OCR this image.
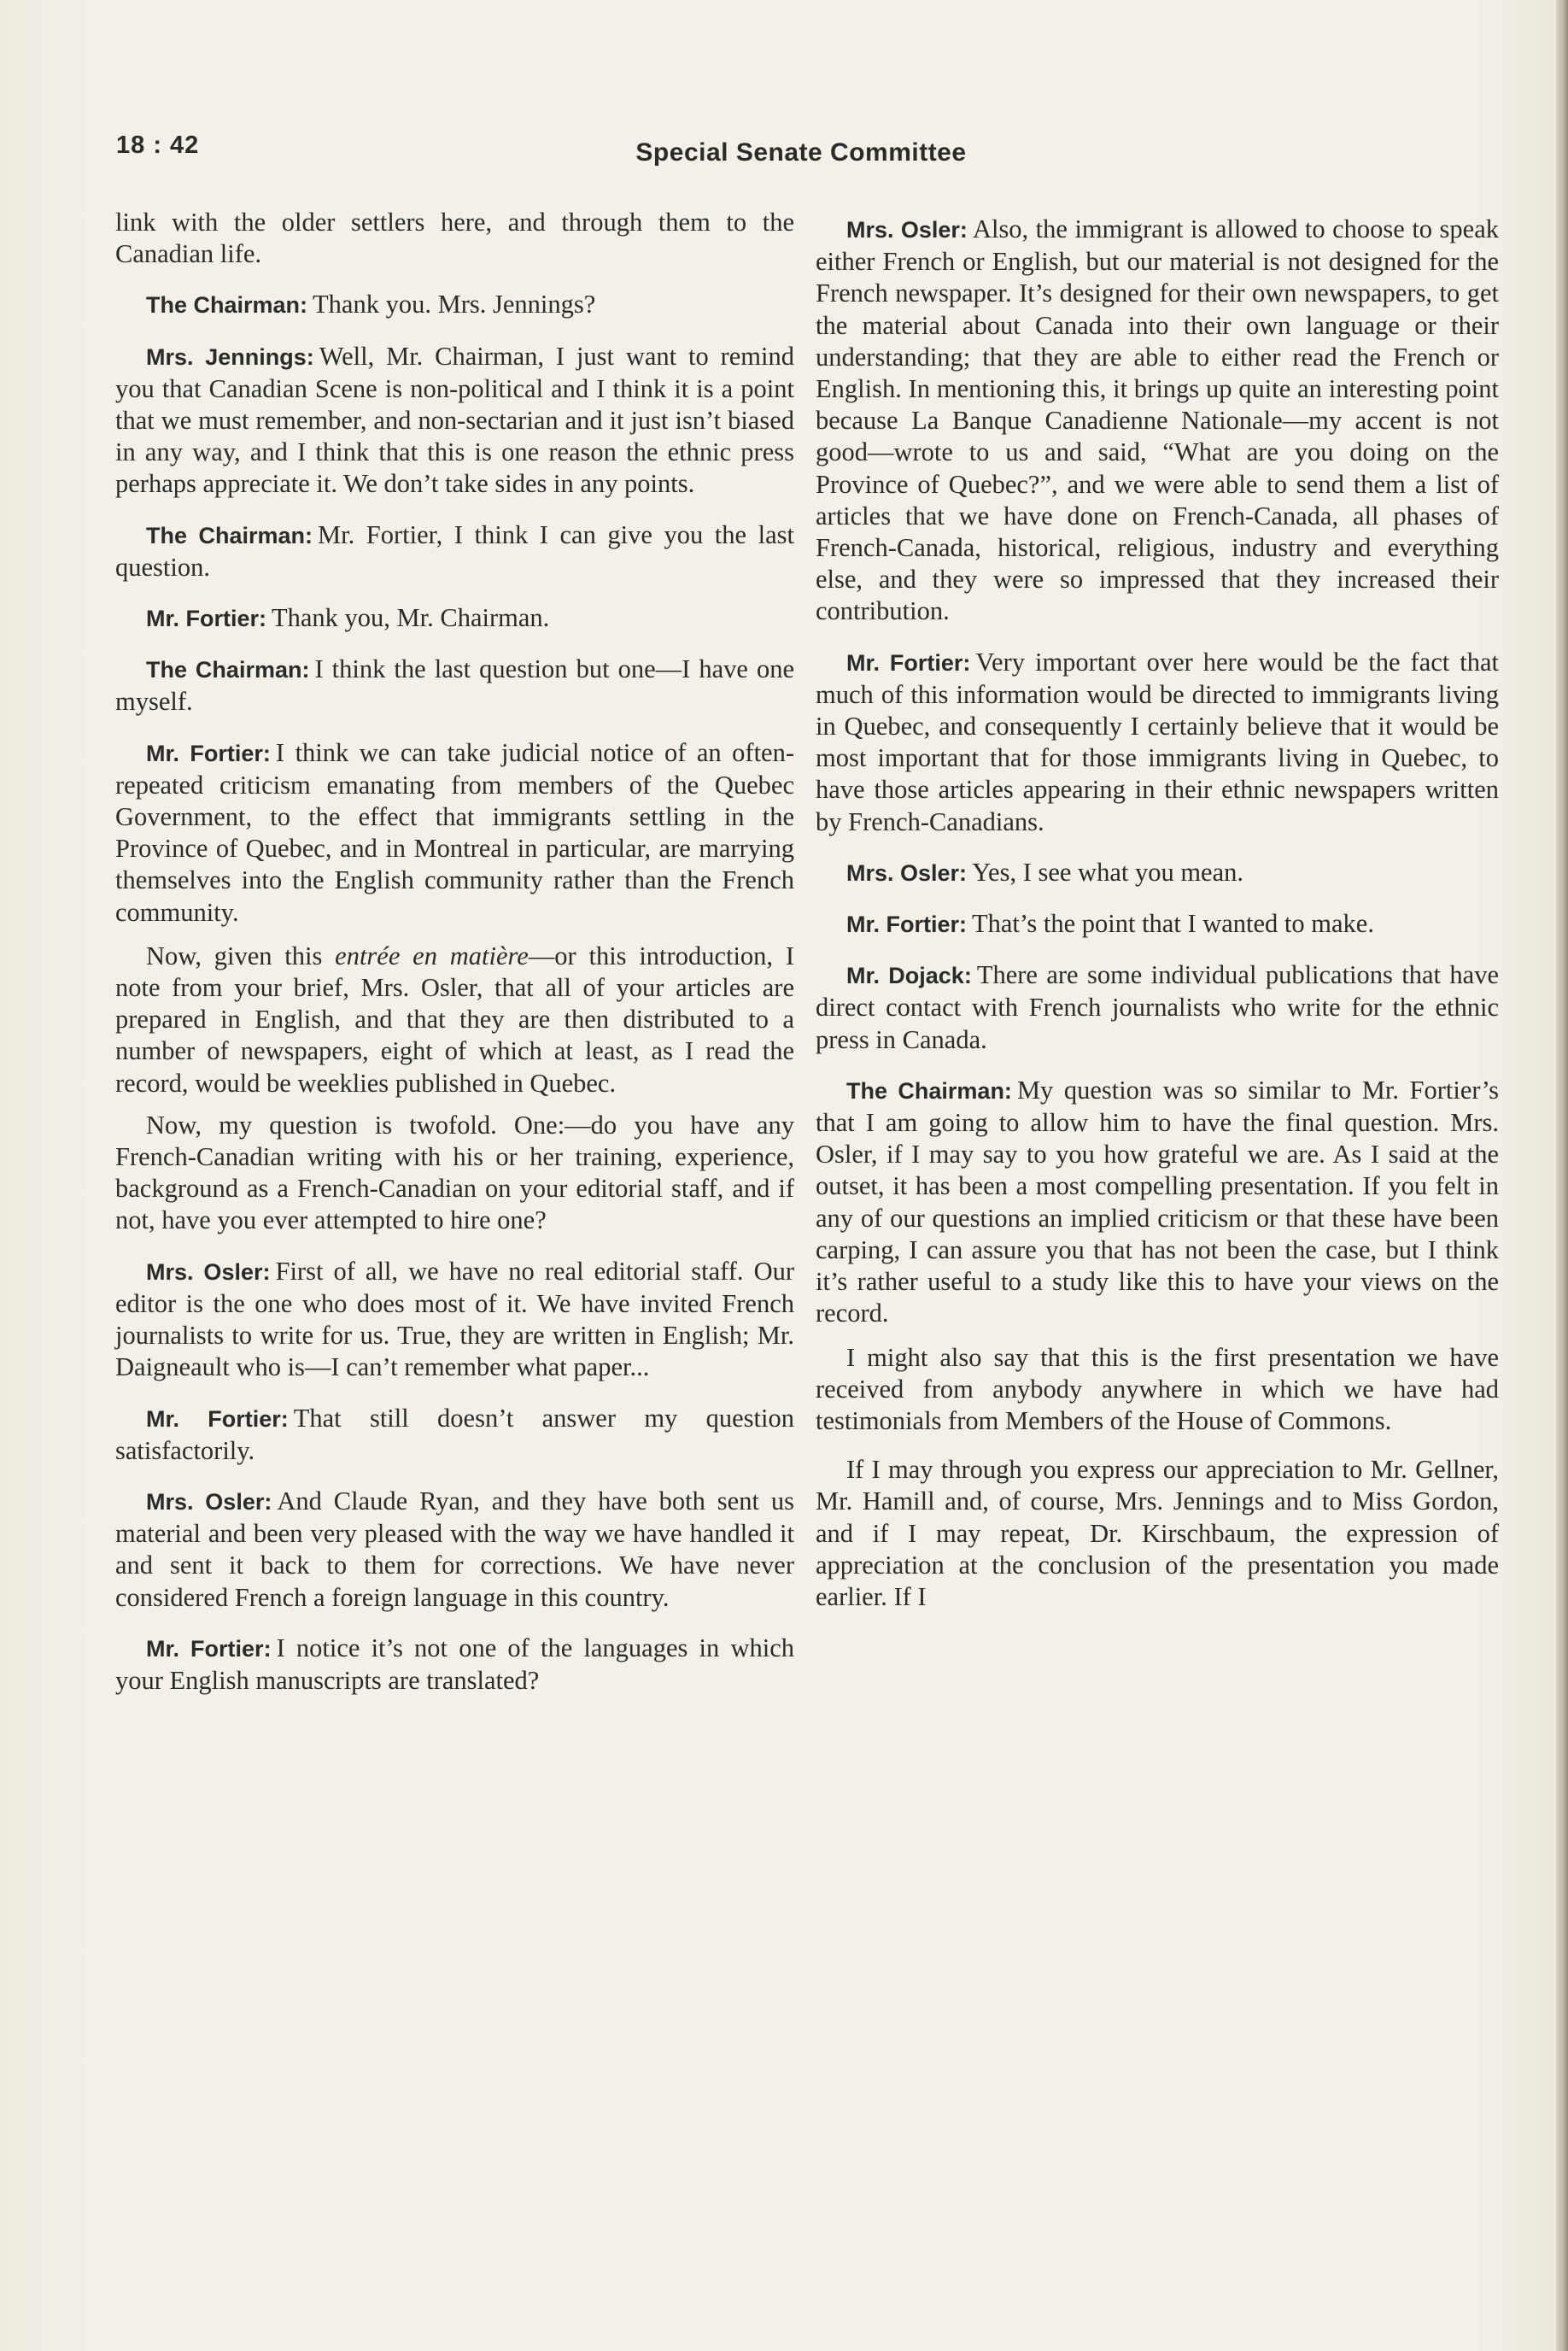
18 : 42	Special Senate Committee

link with the older settlers here, and through them to the Canadian life.

The Chairman: Thank you. Mrs. Jennings?

Mrs. Jennings: Well, Mr. Chairman, I just want to remind you that Canadian Scene is non-political and I think it is a point that we must remember, and non-sectarian and it just isn’t biased in any way, and I think that this is one reason the ethnic press perhaps appreciate it. We don’t take sides in any points.

The Chairman: Mr. Fortier, I think I can give you the last question.

Mr. Fortier: Thank you, Mr. Chairman.

The Chairman: I think the last question but one—I have one myself.

Mr. Fortier: I think we can take judicial notice of an often-repeated criticism emanating from members of the Quebec Government, to the effect that immigrants settling in the Province of Quebec, and in Montreal in particular, are marrying themselves into the English community rather than the French community.

Now, given this entrée en matière—or this introduction, I note from your brief, Mrs. Osler, that all of your articles are prepared in English, and that they are then distributed to a number of newspapers, eight of which at least, as I read the record, would be weeklies published in Quebec.

Now, my question is twofold. One:—do you have any French-Canadian writing with his or her training, experience, background as a French-Canadian on your editorial staff, and if not, have you ever attempted to hire one?

Mrs. Osler: First of all, we have no real editorial staff. Our editor is the one who does most of it. We have invited French journalists to write for us. True, they are written in English; Mr. Daigneault who is—I can’t remember what paper...

Mr. Fortier: That still doesn’t answer my question satisfactorily.

Mrs. Osler: And Claude Ryan, and they have both sent us material and been very pleased with the way we have handled it and sent it back to them for corrections. We have never considered French a foreign language in this country.

Mr. Fortier: I notice it’s not one of the languages in which your English manuscripts are translated?

Mrs. Osler: Also, the immigrant is allowed to choose to speak either French or English, but our material is not designed for the French newspaper. It’s designed for their own newspapers, to get the material about Canada into their own language or their understanding; that they are able to either read the French or English. In mentioning this, it brings up quite an interesting point because La Banque Canadienne Nationale—my accent is not good—wrote to us and said, “What are you doing on the Province of Quebec?”, and we were able to send them a list of articles that we have done on French-Canada, all phases of French-Canada, historical, religious, industry and everything else, and they were so impressed that they increased their contribution.

Mr. Fortier: Very important over here would be the fact that much of this information would be directed to immigrants living in Quebec, and consequently I certainly believe that it would be most important that for those immigrants living in Quebec, to have those articles appearing in their ethnic newspapers written by French-Canadians.

Mrs. Osler: Yes, I see what you mean.

Mr. Fortier: That’s the point that I wanted to make.

Mr. Dojack: There are some individual publications that have direct contact with French journalists who write for the ethnic press in Canada.

The Chairman: My question was so similar to Mr. Fortier’s that I am going to allow him to have the final question. Mrs. Osler, if I may say to you how grateful we are. As I said at the outset, it has been a most compelling presentation. If you felt in any of our questions an implied criticism or that these have been carping, I can assure you that has not been the case, but I think it’s rather useful to a study like this to have your views on the record.

I might also say that this is the first presentation we have received from anybody anywhere in which we have had testimonials from Members of the House of Commons.

If I may through you express our appreciation to Mr. Gellner, Mr. Hamill and, of course, Mrs. Jennings and to Miss Gordon, and if I may repeat, Dr. Kirschbaum, the expression of appreciation at the conclusion of the presentation you made earlier. If I
